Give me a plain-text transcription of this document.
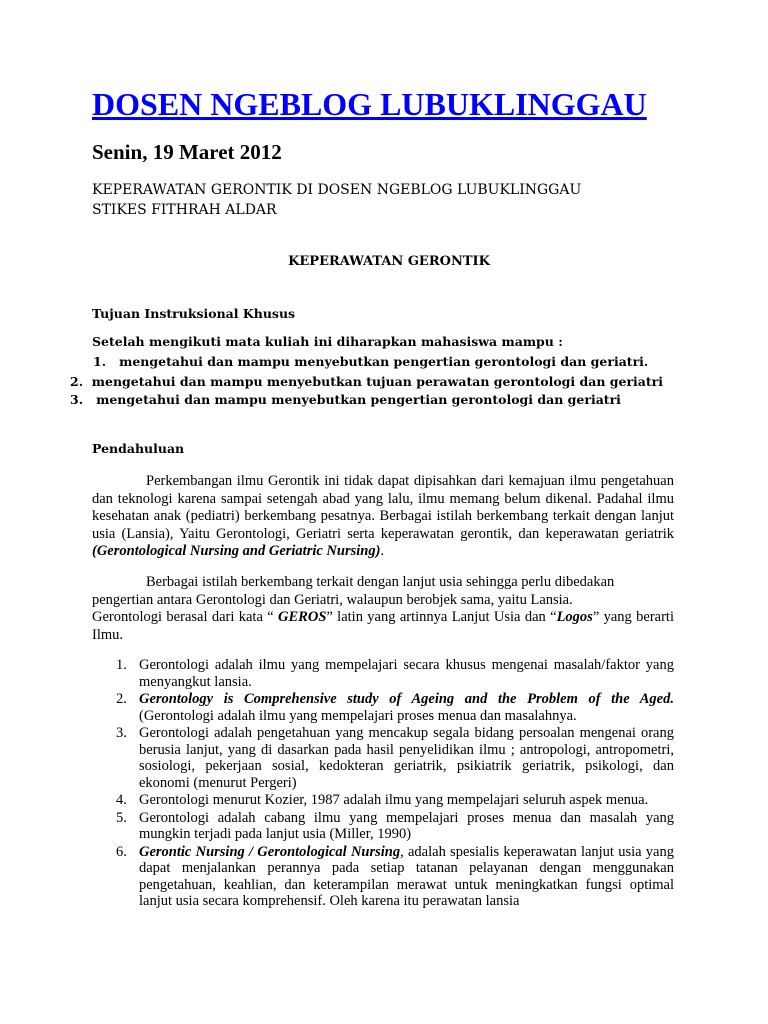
DOSEN NGEBLOG LUBUKLINGGAU
Senin, 19 Maret 2012
KEPERAWATAN GERONTIK DI DOSEN NGEBLOG LUBUKLINGGAU
STIKES FITHRAH ALDAR
KEPERAWATAN GERONTIK
Tujuan Instruksional Khusus
Setelah mengikuti mata kuliah ini diharapkan mahasiswa mampu :
1. mengetahui dan mampu menyebutkan pengertian gerontologi dan geriatri.
2. mengetahui dan mampu menyebutkan tujuan perawatan gerontologi dan geriatri
3. mengetahui dan mampu menyebutkan pengertian gerontologi dan geriatri
Pendahuluan
Perkembangan ilmu Gerontik ini tidak dapat dipisahkan dari kemajuan ilmu pengetahuan dan teknologi karena sampai setengah abad yang lalu, ilmu memang belum dikenal. Padahal ilmu kesehatan anak (pediatri) berkembang pesatnya. Berbagai istilah berkembang terkait dengan lanjut usia (Lansia), Yaitu Gerontologi, Geriatri serta keperawatan gerontik, dan keperawatan geriatrik (Gerontological Nursing and Geriatric Nursing).
Berbagai istilah berkembang terkait dengan lanjut usia sehingga perlu dibedakan
pengertian antara Gerontologi dan Geriatri, walaupun berobjek sama, yaitu Lansia.
Gerontologi berasal dari kata “ GEROS” latin yang artinnya Lanjut Usia dan “Logos” yang berarti Ilmu.
1. Gerontologi adalah ilmu yang mempelajari secara khusus mengenai masalah/faktor yang menyangkut lansia.
2. Gerontology is Comprehensive study of Ageing and the Problem of the Aged. (Gerontologi adalah ilmu yang mempelajari proses menua dan masalahnya.
3. Gerontologi adalah pengetahuan yang mencakup segala bidang persoalan mengenai orang berusia lanjut, yang di dasarkan pada hasil penyelidikan ilmu ; antropologi, antropometri, sosiologi, pekerjaan sosial, kedokteran geriatrik, psikiatrik geriatrik, psikologi, dan ekonomi (menurut Pergeri)
4. Gerontologi menurut Kozier, 1987 adalah ilmu yang mempelajari seluruh aspek menua.
5. Gerontologi adalah cabang ilmu yang mempelajari proses menua dan masalah yang mungkin terjadi pada lanjut usia (Miller, 1990)
6. Gerontic Nursing / Gerontological Nursing, adalah spesialis keperawatan lanjut usia yang dapat menjalankan perannya pada setiap tatanan pelayanan dengan menggunakan pengetahuan, keahlian, dan keterampilan merawat untuk meningkatkan fungsi optimal lanjut usia secara komprehensif. Oleh karena itu perawatan lansia
